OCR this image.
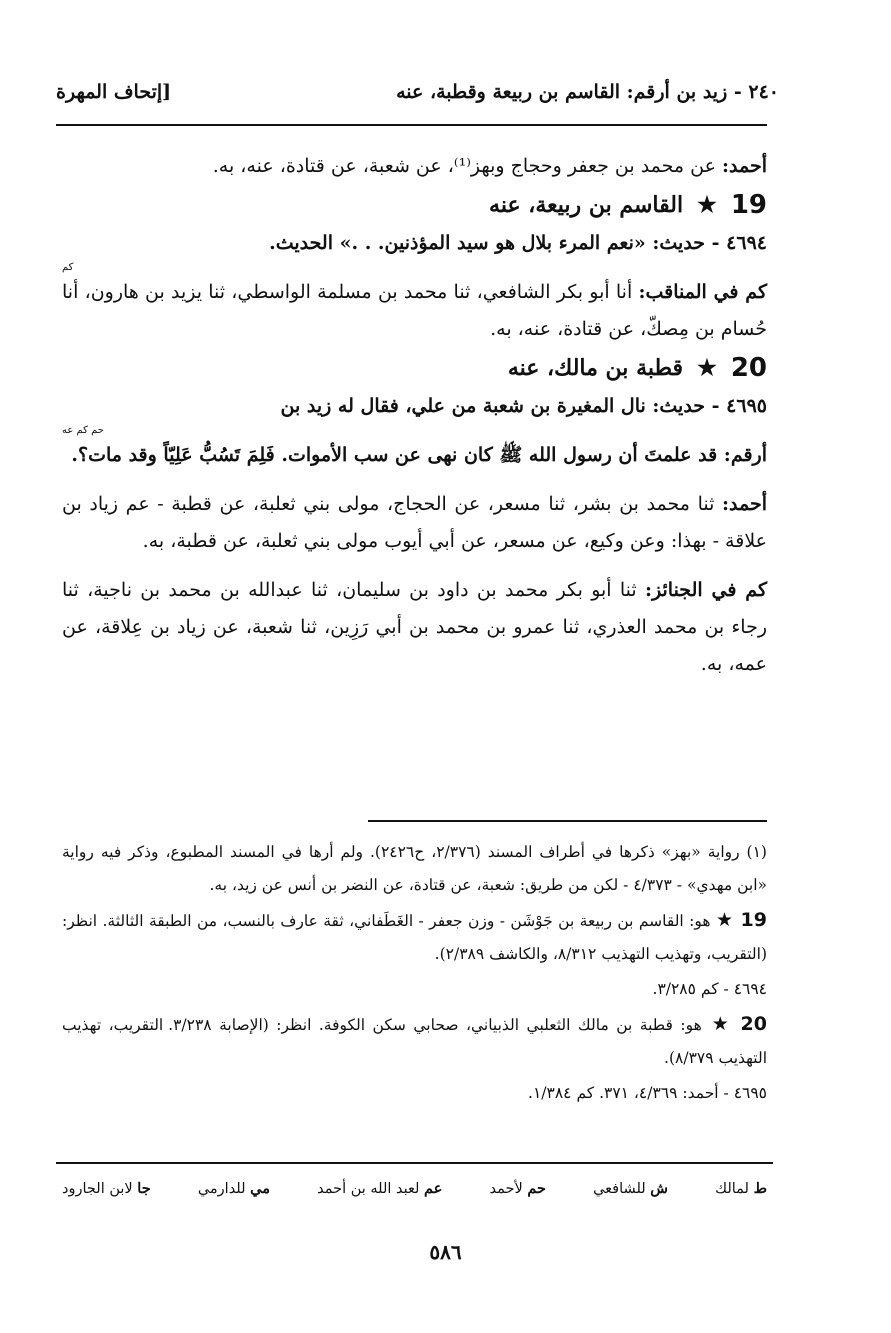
٢٤٠ - زيد بن أرقم: القاسم بن ربيعة وقطبة، عنه
[إتحاف المهرة

أحمد: عن محمد بن جعفر وحجاج وبهز⁽¹⁾، عن شعبة، عن قتادة، عنه، به.

19
★
القاسم بن ربيعة، عنه

٤٦٩٤ - حديث: «نعم المرء بلال هو سيد المؤذنين. . .» الحديث.

كم

كم في المناقب: أنا أبو بكر الشافعي، ثنا محمد بن مسلمة الواسطي، ثنا يزيد بن هارون، أنا حُسام بن مِصكّ، عن قتادة، عنه، به.

20
★
قطبة بن مالك، عنه

٤٦٩٥ - حديث: نال المغيرة بن شعبة من علي، فقال له زيد بن

حم كم عه

أرقم: قد علمتَ أن رسول الله ﷺ كان نهى عن سب الأموات. فَلِمَ تَسُبُّ عَلِيّاً وقد مات؟.

أحمد: ثنا محمد بن بشر، ثنا مسعر، عن الحجاج، مولى بني ثعلبة، عن قطبة - عم زياد بن علاقة - بهذا: وعن وكيع، عن مسعر، عن أبي أيوب مولى بني ثعلبة، عن قطبة، به.

كم في الجنائز: ثنا أبو بكر محمد بن داود بن سليمان، ثنا عبدالله بن محمد بن ناجية، ثنا رجاء بن محمد العذري، ثنا عمرو بن محمد بن أبي رَزِين، ثنا شعبة، عن زياد بن عِلاقة، عن عمه، به.

(١) رواية «بهز» ذكرها في أطراف المسند (٢/٣٧٦، ح٢٤٢٦). ولم أرها في المسند المطبوع، وذكر فيه رواية «ابن مهدي» - ٤/٣٧٣ - لكن من طريق: شعبة، عن قتادة، عن النضر بن أنس عن زيد، به.

19 ★ هو: القاسم بن ربيعة بن جَوْشَن - وزن جعفر - الغَطَفاني، ثقة عارف بالنسب، من الطبقة الثالثة. انظر: (التقريب، وتهذيب التهذيب ٨/٣١٢، والكاشف ٢/٣٨٩).

٤٦٩٤ - كم ٣/٢٨٥.

20 ★ هو: قطبة بن مالك الثعلبي الذبياني، صحابي سكن الكوفة. انظر: (الإصابة ٣/٢٣٨. التقريب، تهذيب التهذيب ٨/٣٧٩).

٤٦٩٥ - أحمد: ٤/٣٦٩، ٣٧١. كم ١/٣٨٤.

ط لمالك
ش للشافعي
حم لأحمد
عم لعبد الله بن أحمد
مي للدارمي
جا لابن الجارود
٥٨٦
